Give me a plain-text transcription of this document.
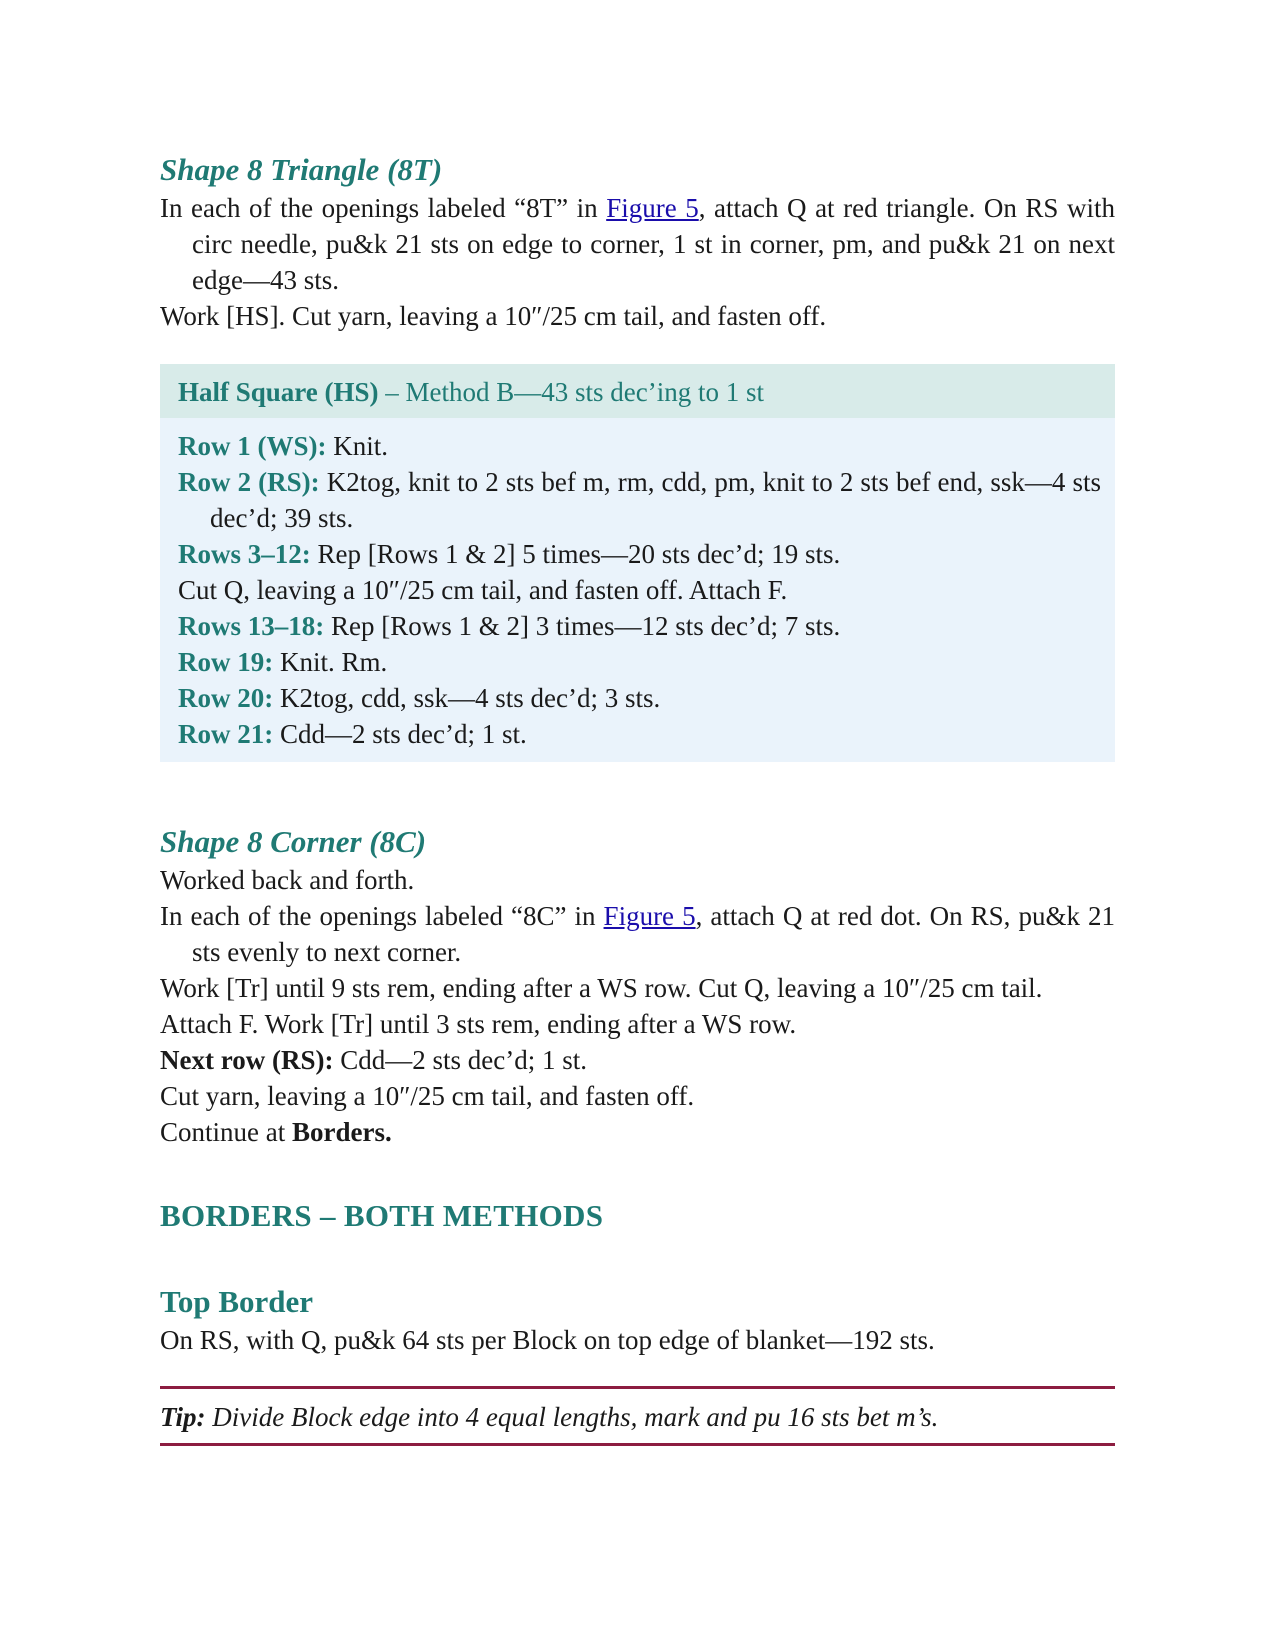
Shape 8 Triangle (8T)

In each of the openings labeled “8T” in Figure 5, attach Q at red triangle. On RS with circ needle, pu&k 21 sts on edge to corner, 1 st in corner, pm, and pu&k 21 on next edge—43 sts.

Work [HS]. Cut yarn, leaving a 10″/25 cm tail, and fasten off.

Half Square (HS) – Method B—43 sts dec’ing to 1 st

Row 1 (WS): Knit.

Row 2 (RS): K2tog, knit to 2 sts bef m, rm, cdd, pm, knit to 2 sts bef end, ssk—4 sts dec’d; 39 sts.

Rows 3–12: Rep [Rows 1 & 2] 5 times—20 sts dec’d; 19 sts.

Cut Q, leaving a 10″/25 cm tail, and fasten off. Attach F.

Rows 13–18: Rep [Rows 1 & 2] 3 times—12 sts dec’d; 7 sts.

Row 19: Knit. Rm.

Row 20: K2tog, cdd, ssk—4 sts dec’d; 3 sts.

Row 21: Cdd—2 sts dec’d; 1 st.

Shape 8 Corner (8C)

Worked back and forth.

In each of the openings labeled “8C” in Figure 5, attach Q at red dot. On RS, pu&k 21 sts evenly to next corner.

Work [Tr] until 9 sts rem, ending after a WS row. Cut Q, leaving a 10″/25 cm tail.

Attach F. Work [Tr] until 3 sts rem, ending after a WS row.

Next row (RS): Cdd—2 sts dec’d; 1 st.

Cut yarn, leaving a 10″/25 cm tail, and fasten off.

Continue at Borders.

BORDERS – BOTH METHODS
Top Border

On RS, with Q, pu&k 64 sts per Block on top edge of blanket—192 sts.

Tip: Divide Block edge into 4 equal lengths, mark and pu 16 sts bet m’s.
